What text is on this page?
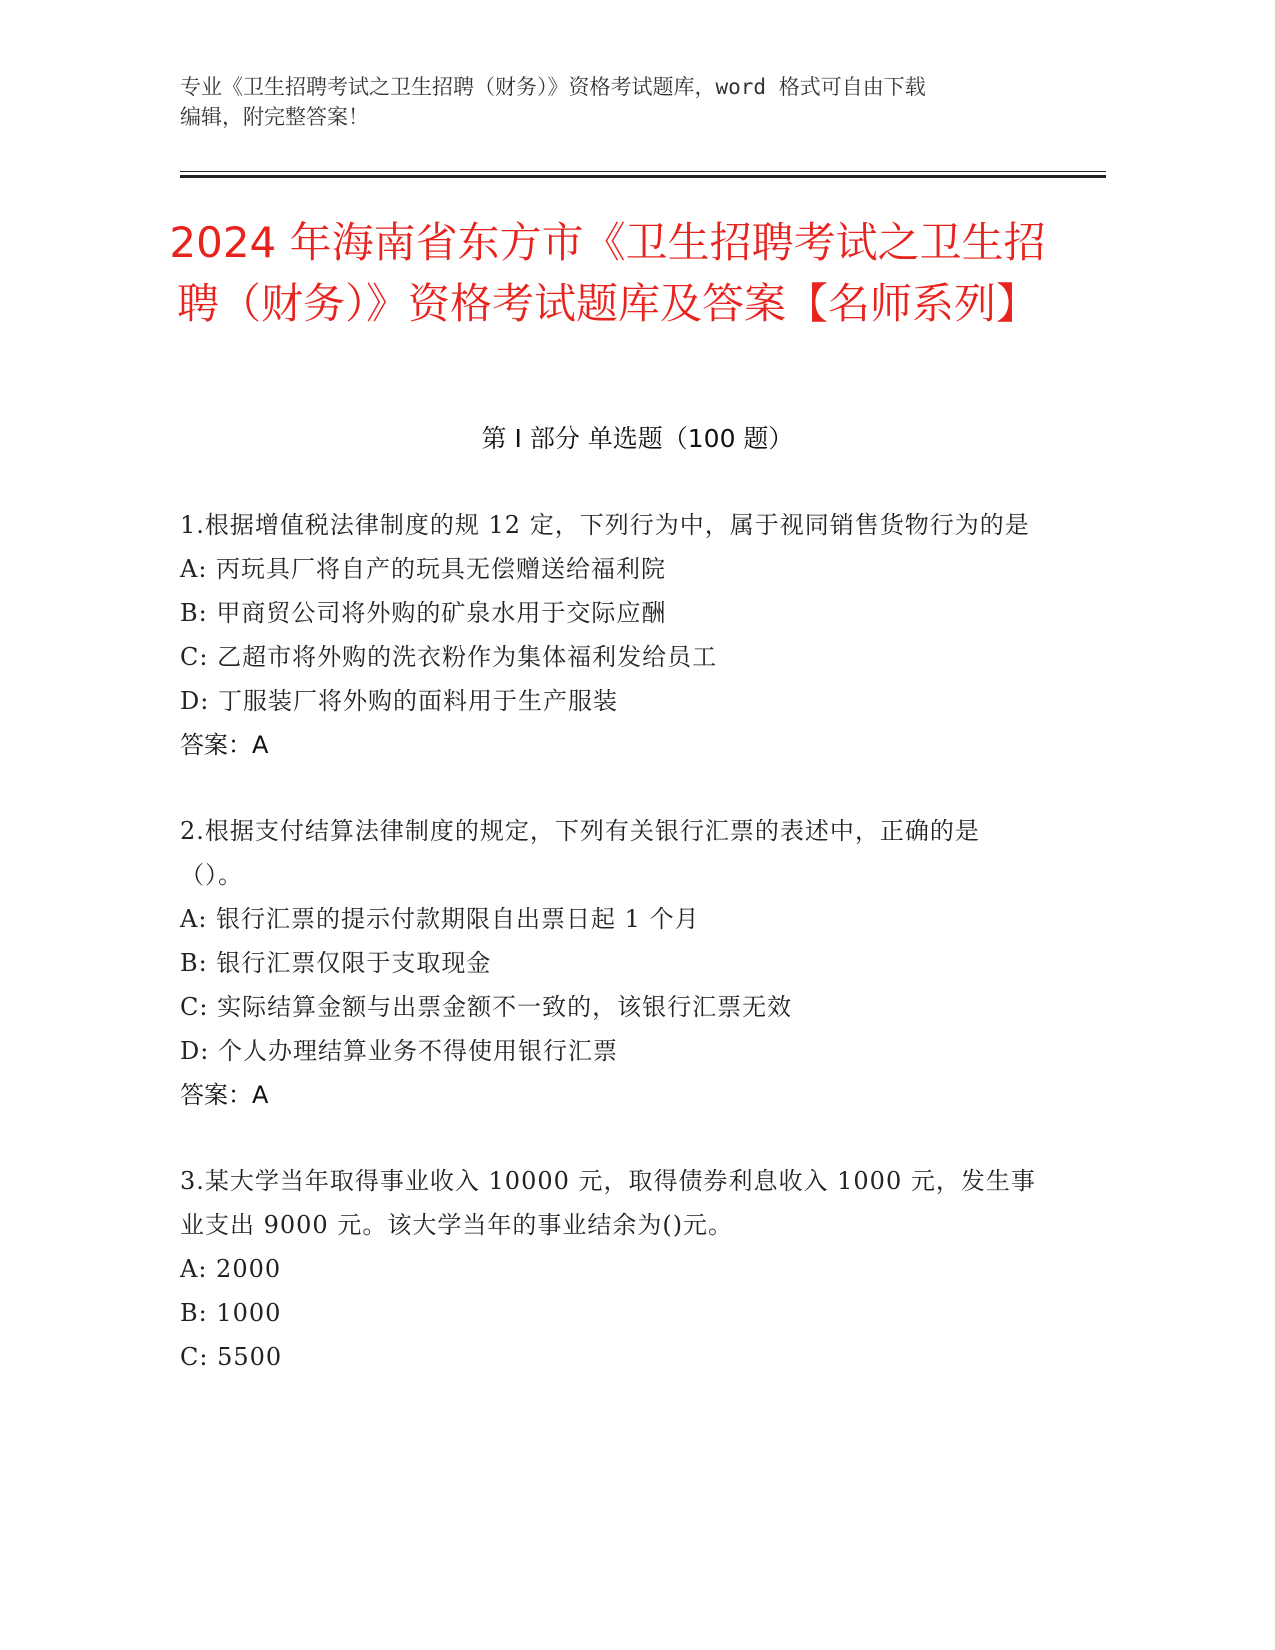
专业《卫生招聘考试之卫生招聘（财务）》资格考试题库，word 格式可自由下载

编辑，附完整答案！

2024 年海南省东方市《卫生招聘考试之卫生招聘（财务）》资格考试题库及答案【名师系列】
第 I 部分 单选题（100 题）

1.根据增值税法律制度的规 12 定，下列行为中，属于视同销售货物行为的是

A: 丙玩具厂将自产的玩具无偿赠送给福利院

B: 甲商贸公司将外购的矿泉水用于交际应酬

C: 乙超市将外购的洗衣粉作为集体福利发给员工

D: 丁服装厂将外购的面料用于生产服装

答案：A

2.根据支付结算法律制度的规定，下列有关银行汇票的表述中，正确的是（）。

A: 银行汇票的提示付款期限自出票日起 1 个月

B: 银行汇票仅限于支取现金

C: 实际结算金额与出票金额不一致的，该银行汇票无效

D: 个人办理结算业务不得使用银行汇票

答案：A

3.某大学当年取得事业收入 10000 元，取得债券利息收入 1000 元，发生事业支出 9000 元。该大学当年的事业结余为()元。

A: 2000

B: 1000

C: 5500
